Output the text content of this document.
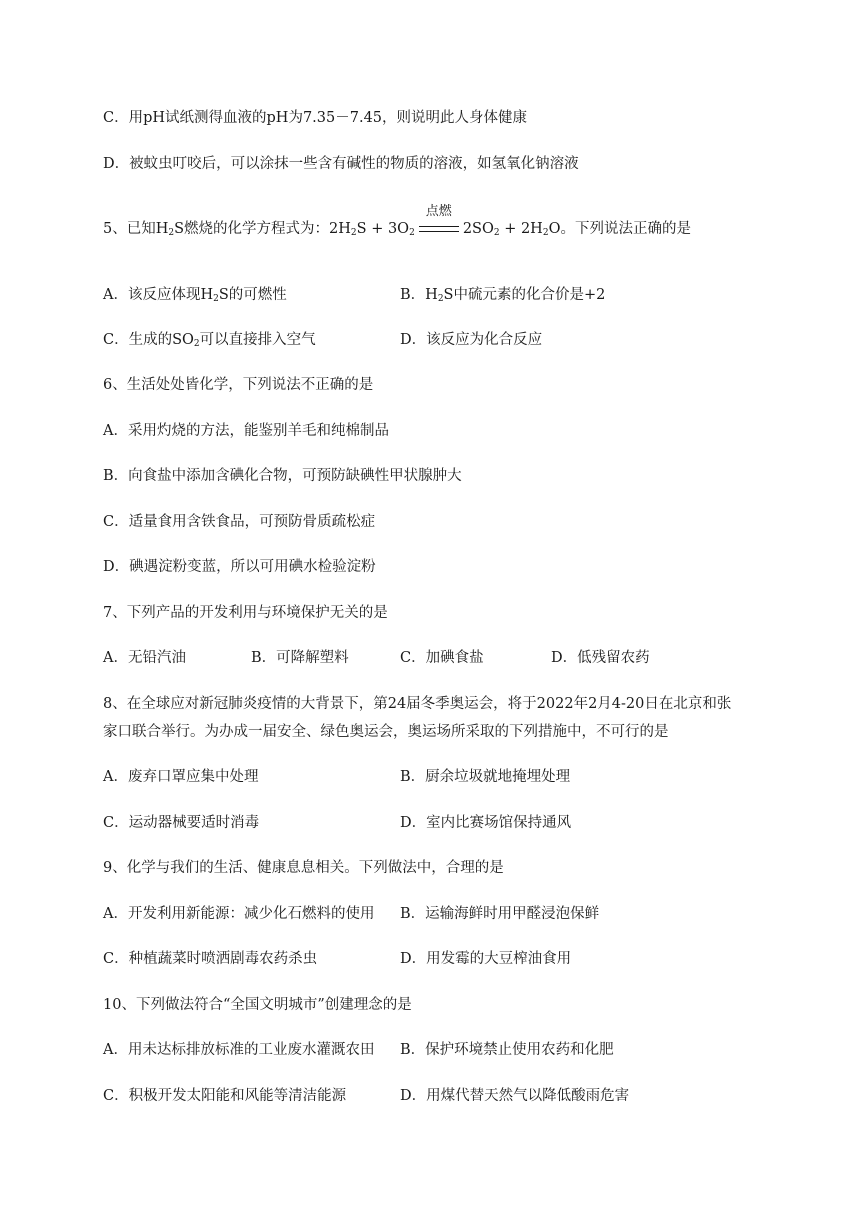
C．用pH试纸测得血液的pH为7.35－7.45，则说明此人身体健康
D．被蚊虫叮咬后，可以涂抹一些含有碱性的物质的溶液，如氢氧化钠溶液
5、已知$H_2S$燃烧的化学方程式为：$2H_2S + 3O_2$
点燃
$2SO_2 + 2H_2O$。下列说法正确的是
A．该反应体现$H_2S$的可燃性	B．$H_2S$中硫元素的化合价是+2
C．生成的$SO_2$可以直接排入空气	D．该反应为化合反应
6、生活处处皆化学，下列说法不正确的是
A．采用灼烧的方法，能鉴别羊毛和纯棉制品
B．向食盐中添加含碘化合物，可预防缺碘性甲状腺肿大
C．适量食用含铁食品，可预防骨质疏松症
D．碘遇淀粉变蓝，所以可用碘水检验淀粉
7、下列产品的开发利用与环境保护无关的是
A．无铅汽油	B．可降解塑料	C．加碘食盐	D．低残留农药
8、在全球应对新冠肺炎疫情的大背景下，第24届冬季奥运会，将于2022年2月4-20日在北京和张
家口联合举行。为办成一届安全、绿色奥运会，奥运场所采取的下列措施中，不可行的是
A．废弃口罩应集中处理	B．厨余垃圾就地掩埋处理
C．运动器械要适时消毒	D．室内比赛场馆保持通风
9、化学与我们的生活、健康息息相关。下列做法中，合理的是
A．开发利用新能源：减少化石燃料的使用 B．运输海鲜时用甲醛浸泡保鲜
C．种植蔬菜时喷洒剧毒农药杀虫	D．用发霉的大豆榨油食用
10、下列做法符合“全国文明城市”创建理念的是
A．用未达标排放标准的工业废水灌溉农田 B．保护环境禁止使用农药和化肥
C．积极开发太阳能和风能等清洁能源	D．用煤代替天然气以降低酸雨危害
